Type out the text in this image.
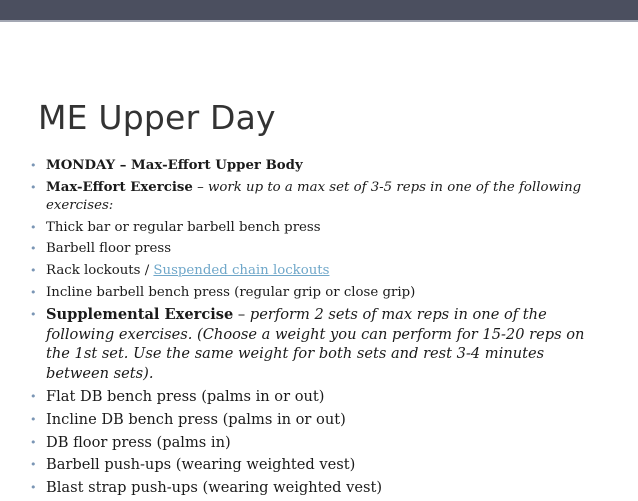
ME Upper Day
• MONDAY – Max-Effort Upper Body
• Max-Effort Exercise – work up to a max set of 3-5 reps in one of the following exercises:
• Thick bar or regular barbell bench press
• Barbell floor press
• Rack lockouts / Suspended chain lockouts
• Incline barbell bench press (regular grip or close grip)
• Supplemental Exercise – perform 2 sets of max reps in one of the following exercises. (Choose a weight you can perform for 15-20 reps on the 1st set. Use the same weight for both sets and rest 3-4 minutes between sets).
• Flat DB bench press (palms in or out)
• Incline DB bench press (palms in or out)
• DB floor press (palms in)
• Barbell push-ups (wearing weighted vest)
• Blast strap push-ups (wearing weighted vest)
